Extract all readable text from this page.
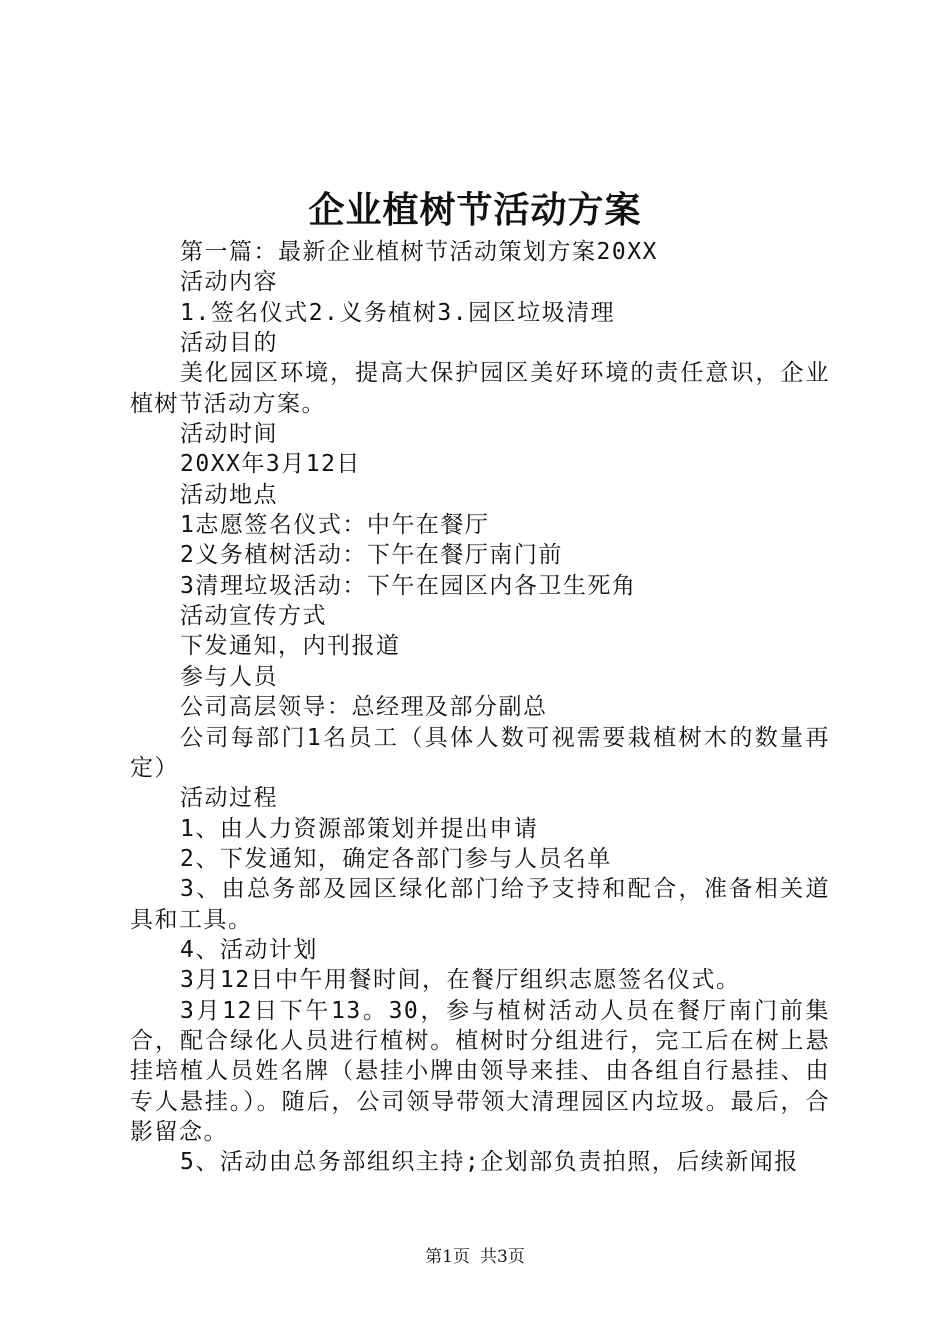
企业植树节活动方案

第一篇：最新企业植树节活动策划方案20XX

活动内容

1.签名仪式2.义务植树3.园区垃圾清理

活动目的

美化园区环境，提高大保护园区美好环境的责任意识，企业植树节活动方案。

活动时间

20XX年3月12日

活动地点

1志愿签名仪式：中午在餐厅

2义务植树活动：下午在餐厅南门前

3清理垃圾活动：下午在园区内各卫生死角

活动宣传方式

下发通知，内刊报道

参与人员

公司高层领导：总经理及部分副总

公司每部门1名员工（具体人数可视需要栽植树木的数量再定）

活动过程

1、由人力资源部策划并提出申请

2、下发通知，确定各部门参与人员名单

3、由总务部及园区绿化部门给予支持和配合，准备相关道具和工具。

4、活动计划

3月12日中午用餐时间，在餐厅组织志愿签名仪式。

3月12日下午13。30，参与植树活动人员在餐厅南门前集合，配合绿化人员进行植树。植树时分组进行，完工后在树上悬挂培植人员姓名牌（悬挂小牌由领导来挂、由各组自行悬挂、由专人悬挂。）。随后，公司领导带领大清理园区内垃圾。最后，合影留念。

5、活动由总务部组织主持;企划部负责拍照，后续新闻报

第1页 共3页
